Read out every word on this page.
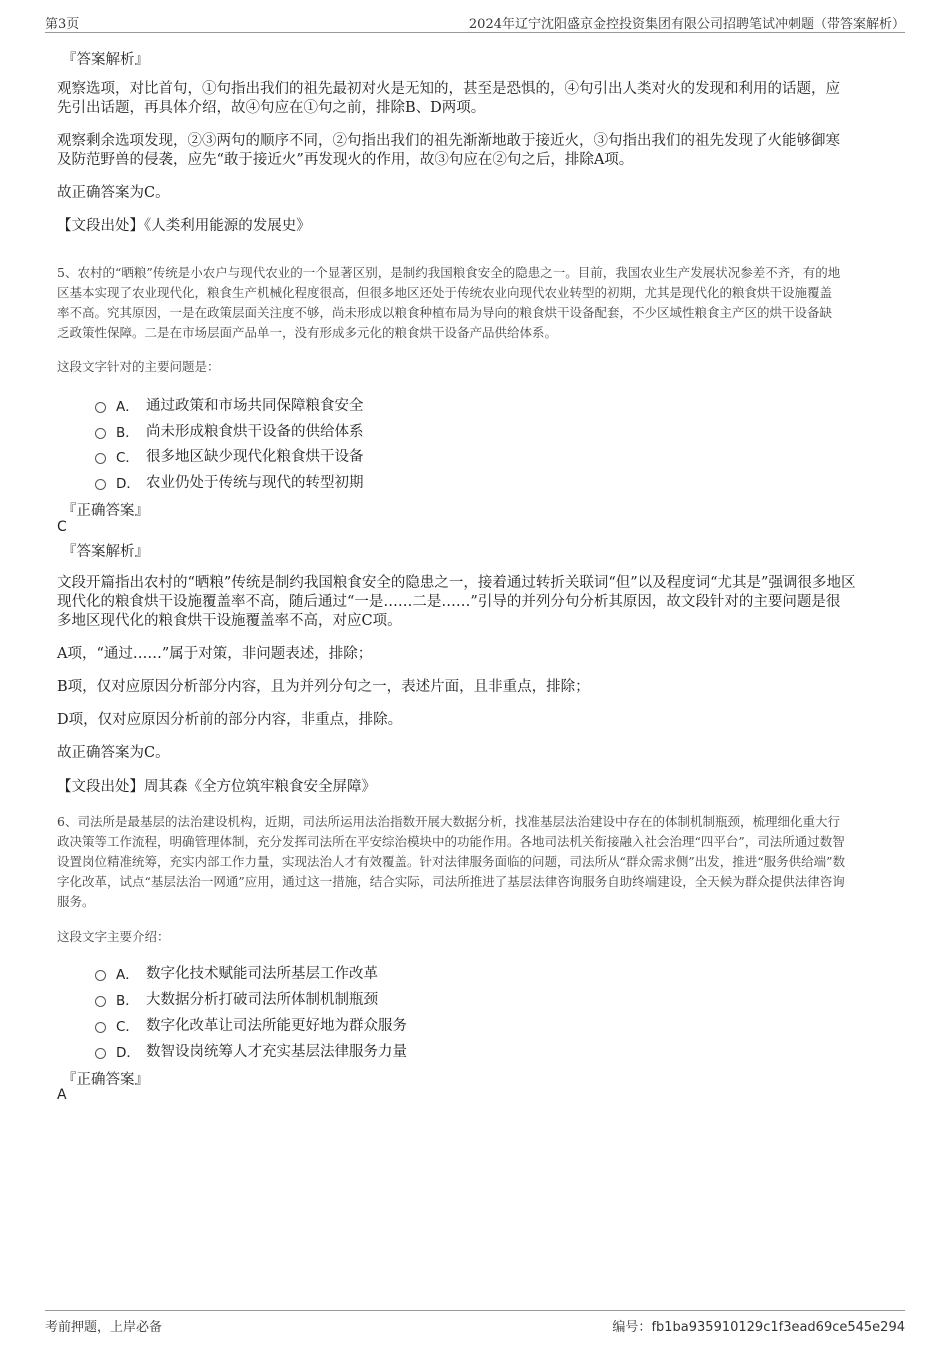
第3页	2024年辽宁沈阳盛京金控投资集团有限公司招聘笔试冲刺题（带答案解析）
『答案解析』
观察选项，对比首句，①句指出我们的祖先最初对火是无知的，甚至是恐惧的，④句引出人类对火的发现和利用的话题，应
先引出话题，再具体介绍，故④句应在①句之前，排除B、D两项。
观察剩余选项发现，②③两句的顺序不同，②句指出我们的祖先渐渐地敢于接近火，③句指出我们的祖先发现了火能够御寒
及防范野兽的侵袭，应先“敢于接近火”再发现火的作用，故③句应在②句之后，排除A项。
故正确答案为C。
【文段出处】《人类利用能源的发展史》
5、农村的“晒粮”传统是小农户与现代农业的一个显著区别，是制约我国粮食安全的隐患之一。目前，我国农业生产发展状况参差不齐，有的地
区基本实现了农业现代化，粮食生产机械化程度很高，但很多地区还处于传统农业向现代农业转型的初期，尤其是现代化的粮食烘干设施覆盖
率不高。究其原因，一是在政策层面关注度不够，尚未形成以粮食种植布局为导向的粮食烘干设备配套，不少区域性粮食主产区的烘干设备缺
乏政策性保障。二是在市场层面产品单一，没有形成多元化的粮食烘干设备产品供给体系。
这段文字针对的主要问题是：
A． 通过政策和市场共同保障粮食安全
B． 尚未形成粮食烘干设备的供给体系
C． 很多地区缺少现代化粮食烘干设备
D． 农业仍处于传统与现代的转型初期
『正确答案』
C
『答案解析』
文段开篇指出农村的“晒粮”传统是制约我国粮食安全的隐患之一，接着通过转折关联词“但”以及程度词“尤其是”强调很多地区
现代化的粮食烘干设施覆盖率不高，随后通过“一是……二是……”引导的并列分句分析其原因，故文段针对的主要问题是很
多地区现代化的粮食烘干设施覆盖率不高，对应C项。
A项，“通过……”属于对策，非问题表述，排除；
B项，仅对应原因分析部分内容，且为并列分句之一，表述片面，且非重点，排除；
D项，仅对应原因分析前的部分内容，非重点，排除。
故正确答案为C。
【文段出处】周其森《全方位筑牢粮食安全屏障》
6、司法所是最基层的法治建设机构，近期，司法所运用法治指数开展大数据分析，找准基层法治建设中存在的体制机制瓶颈，梳理细化重大行
政决策等工作流程，明确管理体制，充分发挥司法所在平安综治模块中的功能作用。各地司法机关衔接融入社会治理“四平台”，司法所通过数智
设置岗位精准统筹，充实内部工作力量，实现法治人才有效覆盖。针对法律服务面临的问题，司法所从“群众需求侧”出发，推进“服务供给端”数
字化改革，试点“基层法治一网通”应用，通过这一措施，结合实际，司法所推进了基层法律咨询服务自助终端建设，全天候为群众提供法律咨询
服务。
这段文字主要介绍：
A． 数字化技术赋能司法所基层工作改革
B． 大数据分析打破司法所体制机制瓶颈
C． 数字化改革让司法所能更好地为群众服务
D． 数智设岗统筹人才充实基层法律服务力量
『正确答案』
A
考前押题，上岸必备	编号：fb1ba935910129c1f3ead69ce545e294
